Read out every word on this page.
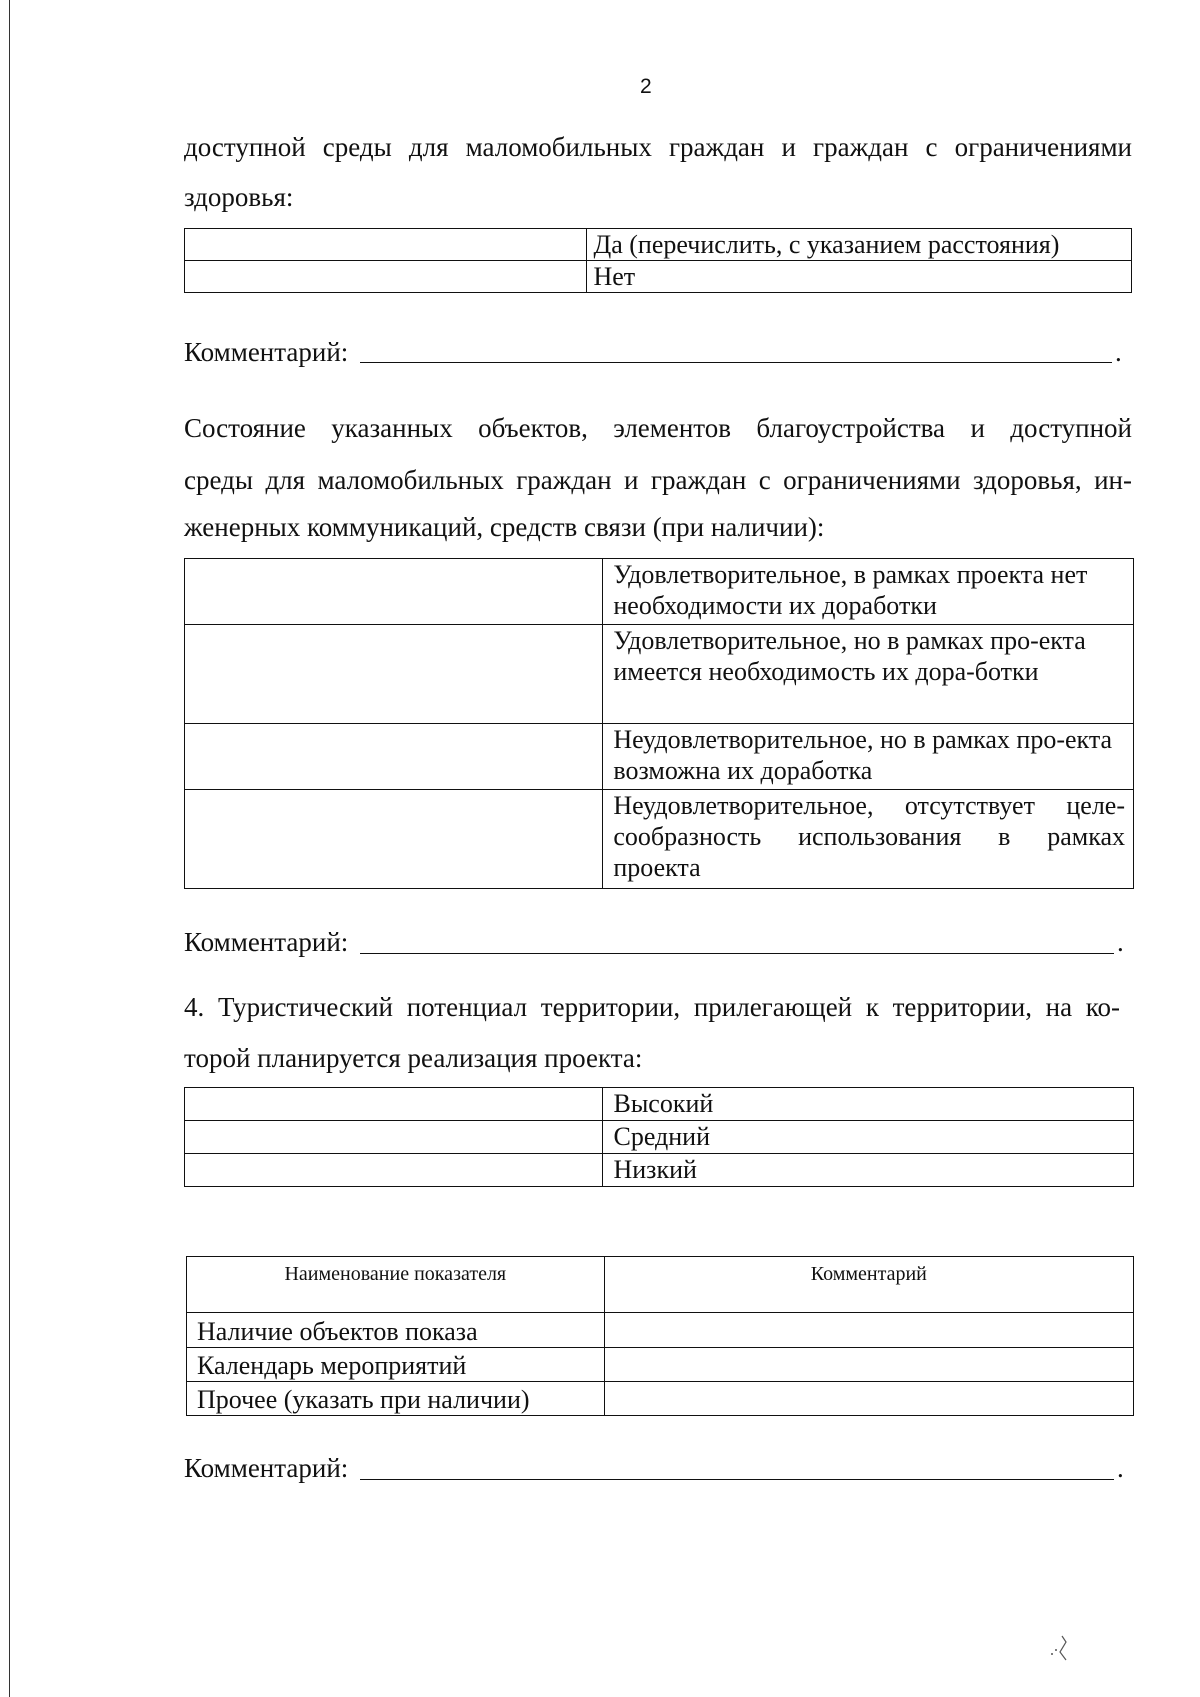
2
доступной среды для маломобильных граждан и граждан с ограничениями
здоровья:
	Да (перечислить, с указанием расстояния)
	Нет
Комментарий:	.
Состояние указанных объектов, элементов благоустройства и доступной
среды для маломобильных граждан и граждан с ограничениями здоровья, ин-
женерных коммуникаций, средств связи (при наличии):
	Удовлетворительное, в рамках проекта нет необходимости их доработки
	Удовлетворительное, но в рамках про-екта имеется необходимость их дора-ботки
	Неудовлетворительное, но в рамках про-екта возможна их доработка
	Неудовлетворительное, отсутствует целе-сообразность использования в рамках проекта
Комментарий:	.
4. Туристический потенциал территории, прилегающей к территории, на ко-
торой планируется реализация проекта:
	Высокий
	Средний
	Низкий
Наименование показателя	Комментарий
Наличие объектов показа	
Календарь мероприятий	
Прочее (указать при наличии)	
Комментарий:	.
